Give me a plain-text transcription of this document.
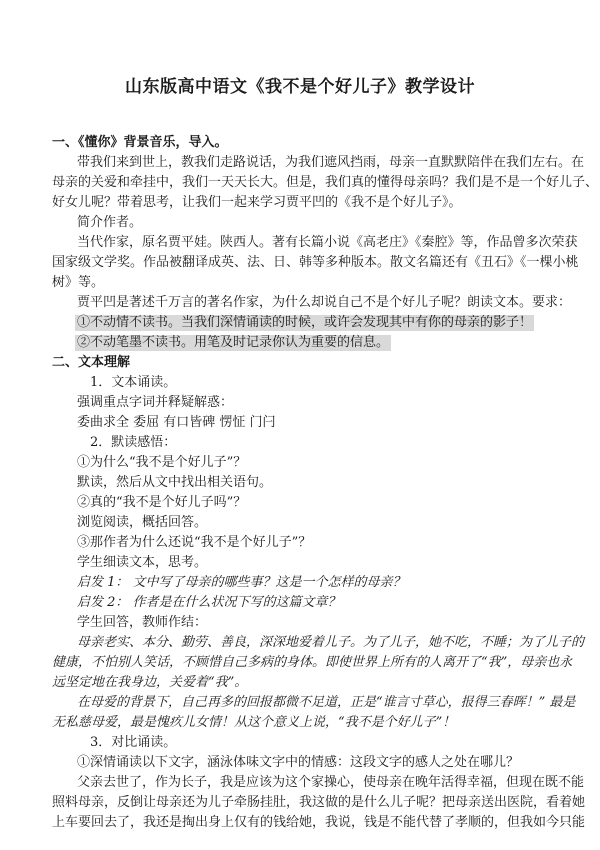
山东版高中语文《我不是个好儿子》教学设计
一、《懂你》背景音乐，导入。
带我们来到世上，教我们走路说话，为我们遮风挡雨，母亲一直默默陪伴在我们左右。在
母亲的关爱和牵挂中，我们一天天长大。但是，我们真的懂得母亲吗？我们是不是一个好儿子、
好女儿呢？带着思考，让我们一起来学习贾平凹的《我不是个好儿子》。
简介作者。
当代作家，原名贾平娃。陕西人。著有长篇小说《高老庄》《秦腔》等，作品曾多次荣获
国家级文学奖。作品被翻译成英、法、日、韩等多种版本。散文名篇还有《丑石》《一棵小桃
树》等。
贾平凹是著述千万言的著名作家，为什么却说自己不是个好儿子呢？朗读文本。要求：
①不动情不读书。当我们深情诵读的时候，或许会发现其中有你的母亲的影子！
②不动笔墨不读书。用笔及时记录你认为重要的信息。
二、文本理解
1．文本诵读。
强调重点字词并释疑解惑：
委曲求全 委屈 有口皆碑 愣怔 门闩
2．默读感悟：
①为什么“我不是个好儿子”？
默读，然后从文中找出相关语句。
②真的“我不是个好儿子吗”？
浏览阅读，概括回答。
③那作者为什么还说“我不是个好儿子”？
学生细读文本，思考。
启发 1： 文中写了母亲的哪些事？这是一个怎样的母亲？
启发 2： 作者是在什么状况下写的这篇文章？
学生回答，教师作结：
母亲老实、本分、勤劳、善良，深深地爱着儿子。为了儿子，她不吃，不睡；为了儿子的
健康，不怕别人笑话，不顾惜自己多病的身体。即使世界上所有的人离开了“我”，母亲也永
远坚定地在我身边，关爱着“我”。
在母爱的背景下，自己再多的回报都微不足道，正是“谁言寸草心，报得三春晖！” 最是
无私慈母爱，最是愧疚儿女情！从这个意义上说，“我不是个好儿子”！
3．对比诵读。
①深情诵读以下文字，涵泳体味文字中的情感：这段文字的感人之处在哪儿？
父亲去世了，作为长子，我是应该为这个家操心，使母亲在晚年活得幸福，但现在既不能
照料母亲，反倒让母亲还为儿子牵肠挂肚，我这做的是什么儿子呢？把母亲送出医院，看着她
上车要回去了，我还是掏出身上仅有的钱给她，我说，钱是不能代替了孝顺的，但我如今只能
